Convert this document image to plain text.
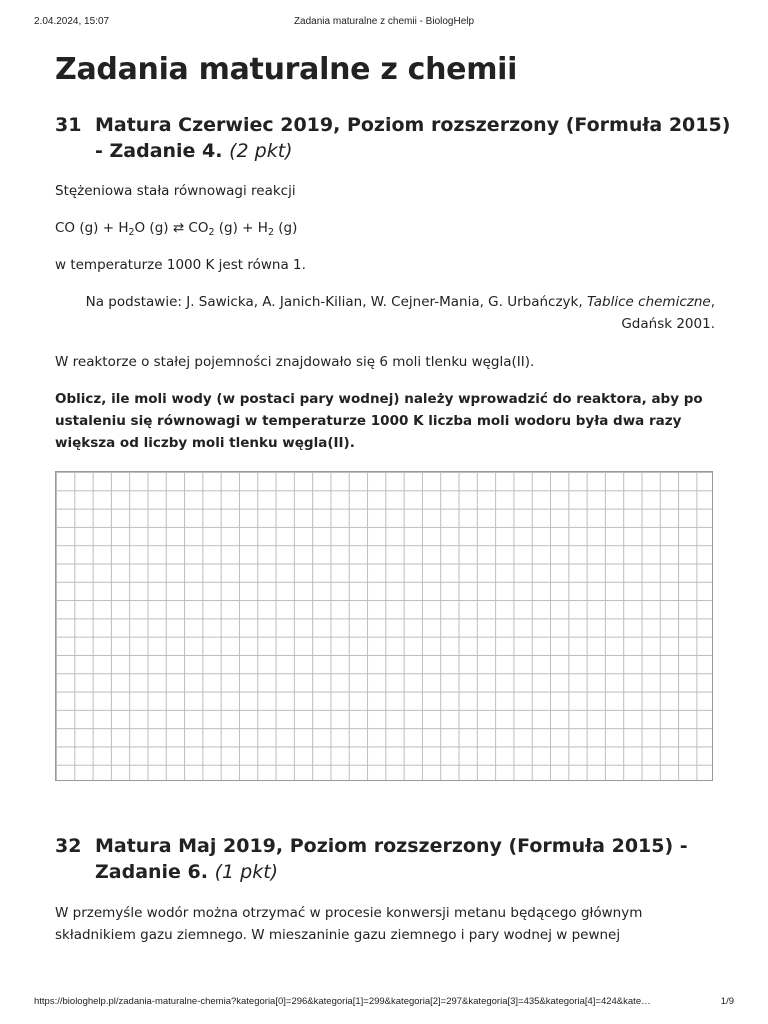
2.04.2024, 15:07	Zadania maturalne z chemii - BiologHelp
Zadania maturalne z chemii
31 Matura Czerwiec 2019, Poziom rozszerzony (Formuła 2015) - Zadanie 4. (2 pkt)

Stężeniowa stała równowagi reakcji

CO $(g) + H_2O$ (g) ⇄ $CO_2$ $(g) + H_2$ (g)

w temperaturze 1000 K jest równa 1.

Na podstawie: J. Sawicka, A. Janich-Kilian, W. Cejner-Mania, G. Urbańczyk, Tablice chemiczne,
Gdańsk 2001.

W reaktorze o stałej pojemności znajdowało się 6 moli tlenku węgla(II).

Oblicz, ile moli wody (w postaci pary wodnej) należy wprowadzić do reaktora, aby po ustaleniu się równowagi w temperaturze 1000 K liczba moli wodoru była dwa razy większa od liczby moli tlenku węgla(II).

32 Matura Maj 2019, Poziom rozszerzony (Formuła 2015) - Zadanie 6. (1 pkt)

W przemyśle wodór można otrzymać w procesie konwersji metanu będącego głównym składnikiem gazu ziemnego. W mieszaninie gazu ziemnego i pary wodnej w pewnej

https://biologhelp.pl/zadania-maturalne-chemia?kategoria[0]=296&kategoria[1]=299&kategoria[2]=297&kategoria[3]=435&kategoria[4]=424&kate…	1/9
